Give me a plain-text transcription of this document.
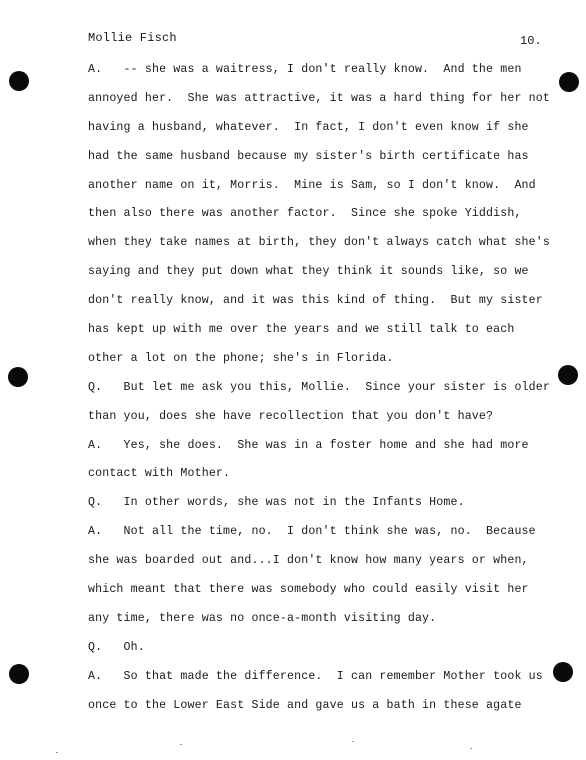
Mollie Fisch	10.
A.   -- she was a waitress, I don't really know.  And the men
annoyed her.  She was attractive, it was a hard thing for her not
having a husband, whatever.  In fact, I don't even know if she
had the same husband because my sister's birth certificate has
another name on it, Morris.  Mine is Sam, so I don't know.  And
then also there was another factor.  Since she spoke Yiddish,
when they take names at birth, they don't always catch what she's
saying and they put down what they think it sounds like, so we
don't really know, and it was this kind of thing.  But my sister
has kept up with me over the years and we still talk to each
other a lot on the phone; she's in Florida.
Q.   But let me ask you this, Mollie.  Since your sister is older
than you, does she have recollection that you don't have?
A.   Yes, she does.  She was in a foster home and she had more
contact with Mother.
Q.   In other words, she was not in the Infants Home.
A.   Not all the time, no.  I don't think she was, no.  Because
she was boarded out and...I don't know how many years or when,
which meant that there was somebody who could easily visit her
any time, there was no once-a-month visiting day.
Q.   Oh.
A.   So that made the difference.  I can remember Mother took us
once to the Lower East Side and gave us a bath in these agate
